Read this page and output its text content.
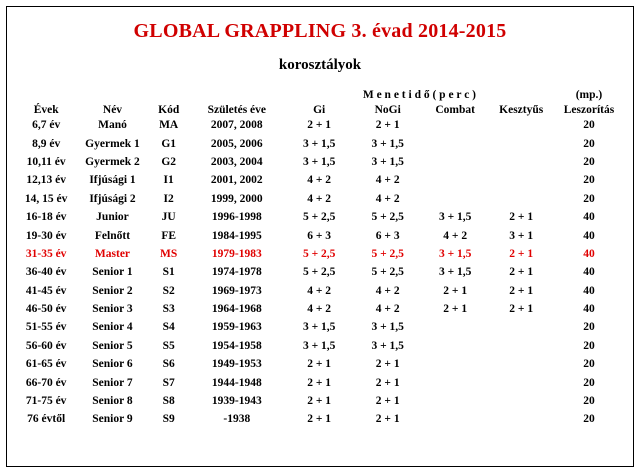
GLOBAL GRAPPLING 3. évad 2014-2015
korosztályok

				M e n e t i d ő ( p e r c )				(mp.)
Évek	Név	Kód	Születés éve	Gi	NoGi	Combat	Kesztyűs	Leszorítás
6,7 év	Manó	MA	2007, 2008	2 + 1	2 + 1			20
8,9 év	Gyermek 1	G1	2005, 2006	3 + 1,5	3 + 1,5			20
10,11 év	Gyermek 2	G2	2003, 2004	3 + 1,5	3 + 1,5			20
12,13 év	Ifjúsági 1	I1	2001, 2002	4 + 2	4 + 2			20
14, 15 év	Ifjúsági 2	I2	1999, 2000	4 + 2	4 + 2			20
16-18 év	Junior	JU	1996-1998	5 + 2,5	5 + 2,5	3 + 1,5	2 + 1	40
19-30 év	Felnőtt	FE	1984-1995	6 + 3	6 + 3	4 + 2	3 + 1	40
31-35 év	Master	MS	1979-1983	5 + 2,5	5 + 2,5	3 + 1,5	2 + 1	40
36-40 év	Senior 1	S1	1974-1978	5 + 2,5	5 + 2,5	3 + 1,5	2 + 1	40
41-45 év	Senior 2	S2	1969-1973	4 + 2	4 + 2	2 + 1	2 + 1	40
46-50 év	Senior 3	S3	1964-1968	4 + 2	4 + 2	2 + 1	2 + 1	40
51-55 év	Senior 4	S4	1959-1963	3 + 1,5	3 + 1,5			20
56-60 év	Senior 5	S5	1954-1958	3 + 1,5	3 + 1,5			20
61-65 év	Senior 6	S6	1949-1953	2 + 1	2 + 1			20
66-70 év	Senior 7	S7	1944-1948	2 + 1	2 + 1			20
71-75 év	Senior 8	S8	1939-1943	2 + 1	2 + 1			20
76 évtől	Senior 9	S9	-1938	2 + 1	2 + 1			20
